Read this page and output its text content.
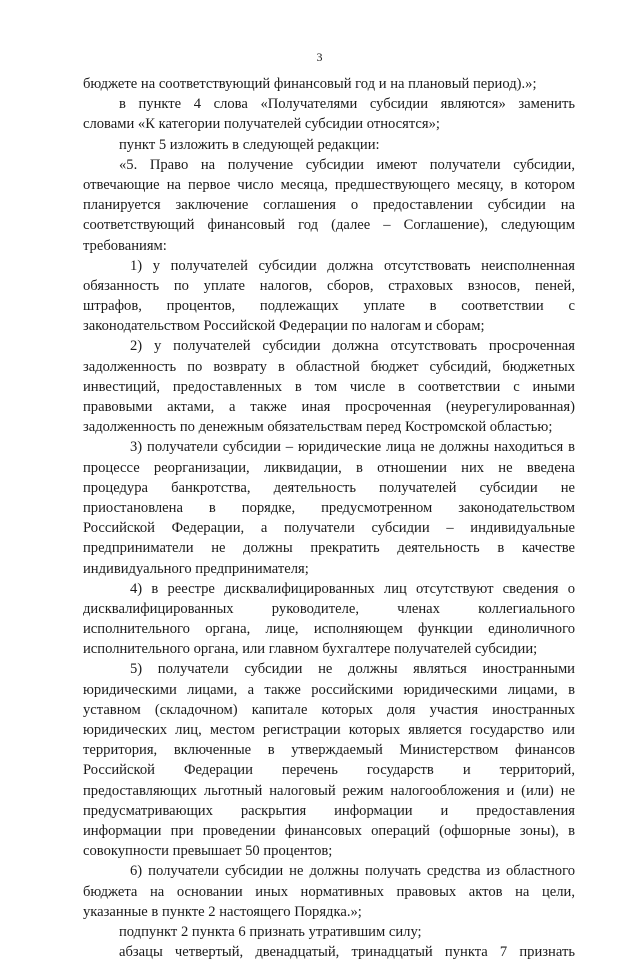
3
бюджете на соответствующий финансовый год и на плановый период).»;
в пункте 4 слова «Получателями субсидии являются» заменить
словами «К категории получателей субсидии относятся»;
пункт 5 изложить в следующей редакции:
«5. Право на получение субсидии имеют получатели субсидии,
отвечающие на первое число месяца, предшествующего месяцу, в котором
планируется заключение соглашения о предоставлении субсидии на
соответствующий финансовый год (далее – Соглашение), следующим
требованиям:
1) у получателей субсидии должна отсутствовать неисполненная
обязанность по уплате налогов, сборов, страховых взносов, пеней,
штрафов, процентов, подлежащих уплате в соответствии с
законодательством Российской Федерации по налогам и сборам;
2) у получателей субсидии должна отсутствовать просроченная
задолженность по возврату в областной бюджет субсидий, бюджетных
инвестиций, предоставленных в том числе в соответствии с иными
правовыми актами, а также иная просроченная (неурегулированная)
задолженность по денежным обязательствам перед Костромской областью;
3) получатели субсидии – юридические лица не должны находиться в
процессе реорганизации, ликвидации, в отношении них не введена
процедура банкротства, деятельность получателей субсидии не
приостановлена в порядке, предусмотренном законодательством
Российской Федерации, а получатели субсидии – индивидуальные
предприниматели не должны прекратить деятельность в качестве
индивидуального предпринимателя;
4) в реестре дисквалифицированных лиц отсутствуют сведения о
дисквалифицированных руководителе, членах коллегиального
исполнительного органа, лице, исполняющем функции единоличного
исполнительного органа, или главном бухгалтере получателей субсидии;
5) получатели субсидии не должны являться иностранными
юридическими лицами, а также российскими юридическими лицами, в
уставном (складочном) капитале которых доля участия иностранных
юридических лиц, местом регистрации которых является государство или
территория, включенные в утверждаемый Министерством финансов
Российской Федерации перечень государств и территорий,
предоставляющих льготный налоговый режим налогообложения и (или) не
предусматривающих раскрытия информации и предоставления
информации при проведении финансовых операций (офшорные зоны), в
совокупности превышает 50 процентов;
6) получатели субсидии не должны получать средства из областного
бюджета на основании иных нормативных правовых актов на цели,
указанные в пункте 2 настоящего Порядка.»;
подпункт 2 пункта 6 признать утратившим силу;
абзацы четвертый, двенадцатый, тринадцатый пункта 7 признать
